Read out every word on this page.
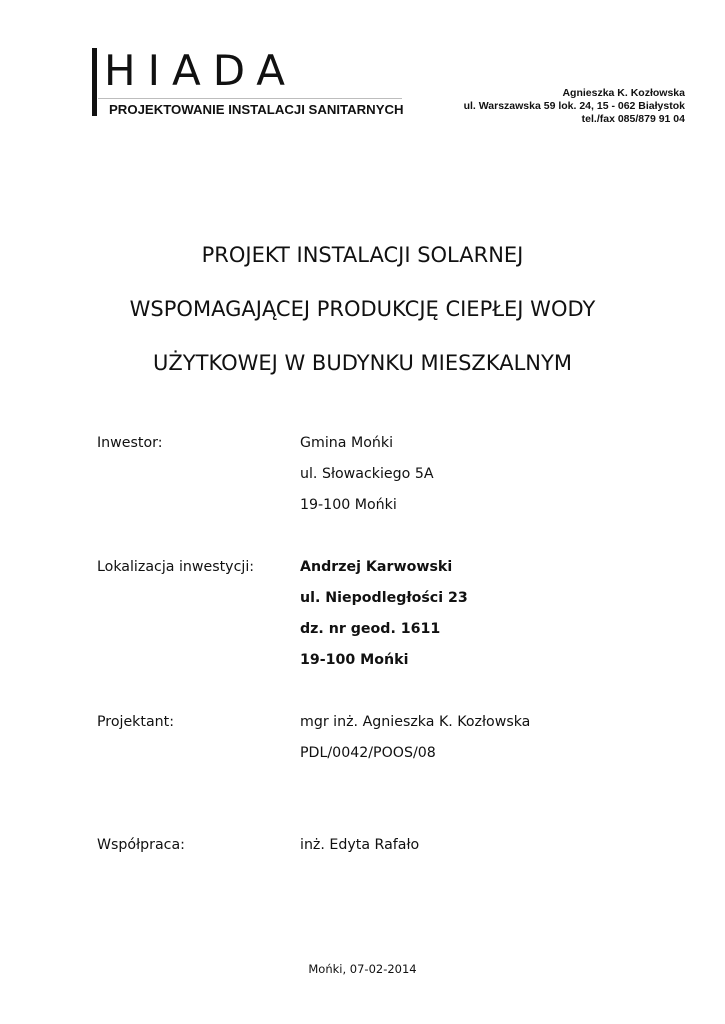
HIADA
PROJEKTOWANIE INSTALACJI SANITARNYCH
Agnieszka K. Kozłowska
ul. Warszawska 59 lok. 24, 15 - 062 Białystok
tel./fax 085/879 91 04
PROJEKT INSTALACJI SOLARNEJ
WSPOMAGAJĄCEJ PRODUKCJĘ CIEPŁEJ WODY
UŻYTKOWEJ W BUDYNKU MIESZKALNYM
Inwestor:	Gmina Mońki
ul. Słowackiego 5A
19-100 Mońki
Lokalizacja inwestycji:	Andrzej Karwowski
ul. Niepodległości 23
dz. nr geod. 1611
19-100 Mońki
Projektant:	mgr inż. Agnieszka K. Kozłowska
PDL/0042/POOS/08
Współpraca:	inż. Edyta Rafało
Mońki, 07-02-2014
